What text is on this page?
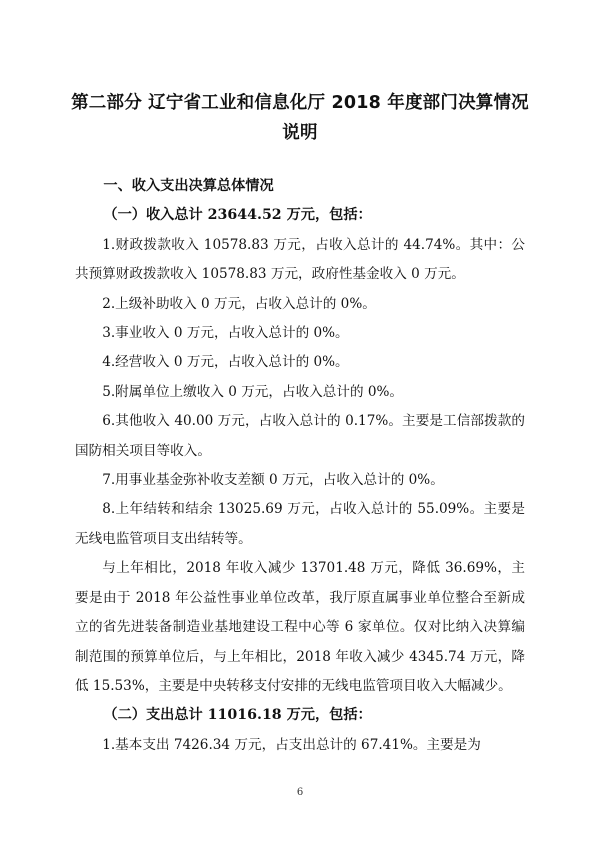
第二部分 辽宁省工业和信息化厅 2018 年度部门决算情况
说明

一、收入支出决算总体情况

（一）收入总计 23644.52 万元，包括：

1.财政拨款收入 10578.83 万元，占收入总计的 44.74%。其中：公共预算财政拨款收入 10578.83 万元，政府性基金收入 0 万元。

2.上级补助收入 0 万元，占收入总计的 0%。

3.事业收入 0 万元，占收入总计的 0%。

4.经营收入 0 万元，占收入总计的 0%。

5.附属单位上缴收入 0 万元，占收入总计的 0%。

6.其他收入 40.00 万元，占收入总计的 0.17%。主要是工信部拨款的国防相关项目等收入。

7.用事业基金弥补收支差额 0 万元，占收入总计的 0%。

8.上年结转和结余 13025.69 万元，占收入总计的 55.09%。主要是无线电监管项目支出结转等。

与上年相比，2018 年收入减少 13701.48 万元，降低 36.69%，主要是由于 2018 年公益性事业单位改革，我厅原直属事业单位整合至新成立的省先进装备制造业基地建设工程中心等 6 家单位。仅对比纳入决算编制范围的预算单位后，与上年相比，2018 年收入减少 4345.74 万元，降低 15.53%，主要是中央转移支付安排的无线电监管项目收入大幅减少。

（二）支出总计 11016.18 万元，包括：

1.基本支出 7426.34 万元，占支出总计的 67.41%。主要是为

6
